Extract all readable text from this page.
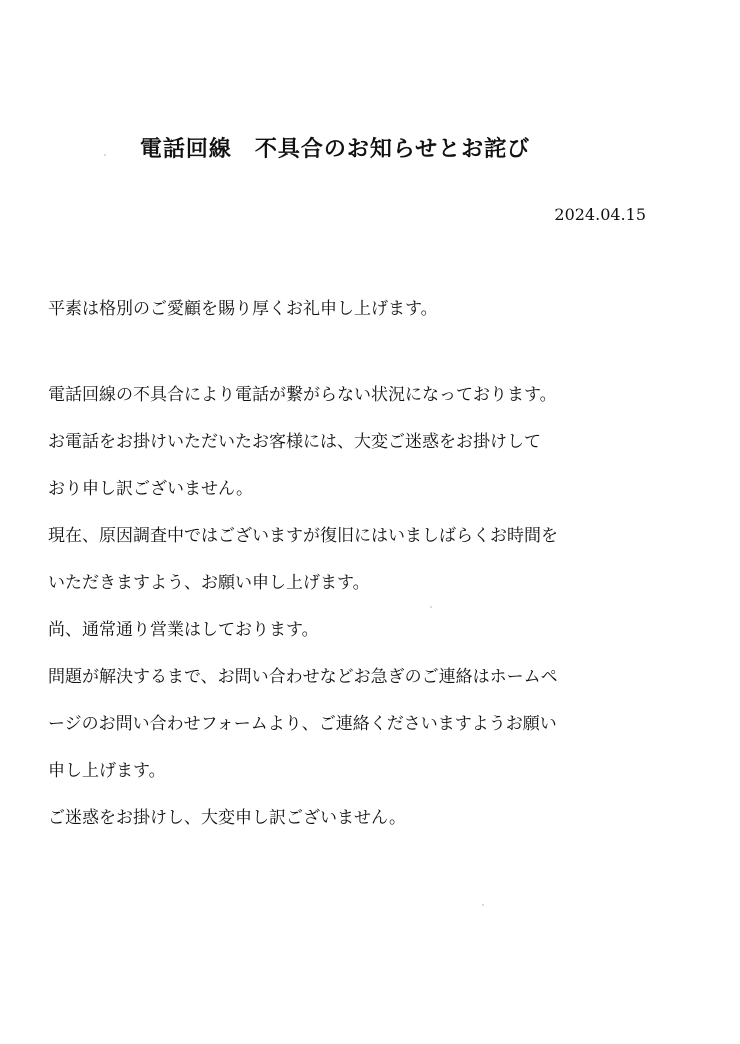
電話回線　不具合のお知らせとお詫び

2024.04.15

平素は格別のご愛顧を賜り厚くお礼申し上げます。

電話回線の不具合により電話が繋がらない状況になっております。
お電話をお掛けいただいたお客様には、大変ご迷惑をお掛けして
おり申し訳ございません。
現在、原因調査中ではございますが復旧にはいましばらくお時間を
いただきますよう、お願い申し上げます。
尚、通常通り営業はしております。
問題が解決するまで、お問い合わせなどお急ぎのご連絡はホームペ
ージのお問い合わせフォームより、ご連絡くださいますようお願い
申し上げます。
ご迷惑をお掛けし、大変申し訳ございません。
